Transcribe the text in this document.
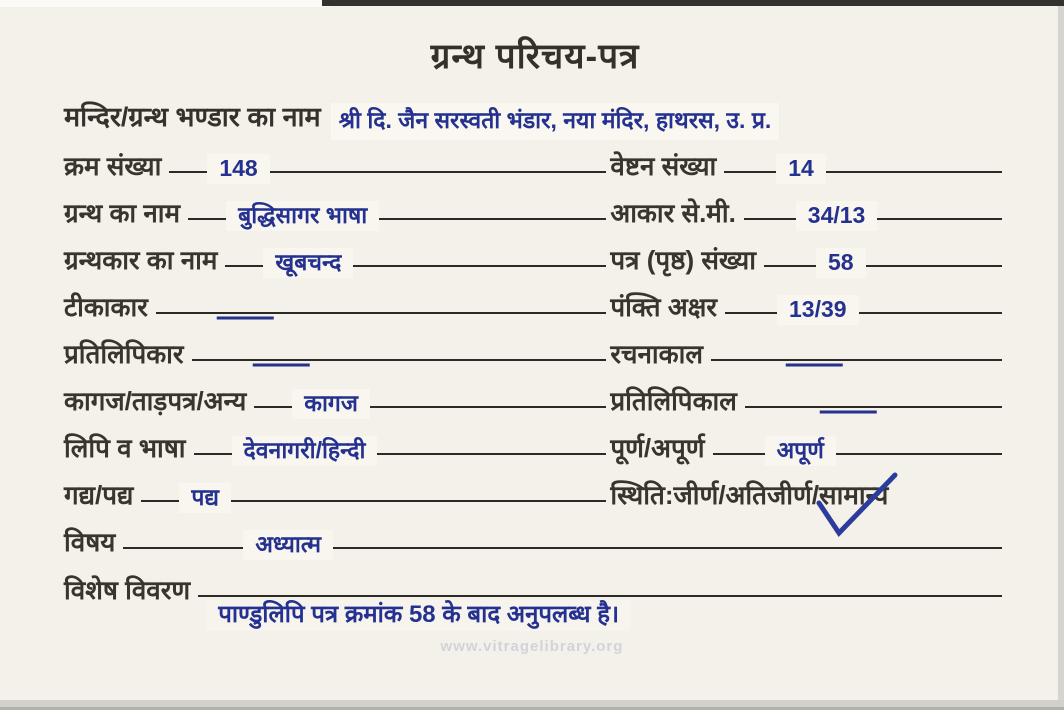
ग्रन्थ परिचय-पत्र
मन्दिर/ग्रन्थ भण्डार का नाम श्री दि. जैन सरस्वती भंडार, नया मंदिर, हाथरस, उ. प्र.
क्रम संख्या	148	वेष्टन संख्या	14
ग्रन्थ का नाम	बुद्धिसागर भाषा	आकार से.मी.	34/13
ग्रन्थकार का नाम	खूबचन्द	पत्र (पृष्ठ) संख्या	58
टीकाकार	—	पंक्ति अक्षर	13/39
प्रतिलिपिकार	—	रचनाकाल	—
कागज/ताड़पत्र/अन्य	कागज	प्रतिलिपिकाल	—
लिपि व भाषा	देवनागरी/हिन्दी	पूर्ण/अपूर्ण	अपूर्ण
गद्य/पद्य	पद्य	स्थिति:जीर्ण/अतिजीर्ण/सामान्य
विषय	अध्यात्म
विशेष विवरण
पाण्डुलिपि पत्र क्रमांक 58 के बाद अनुपलब्ध है।
www.vitragelibrary.org
